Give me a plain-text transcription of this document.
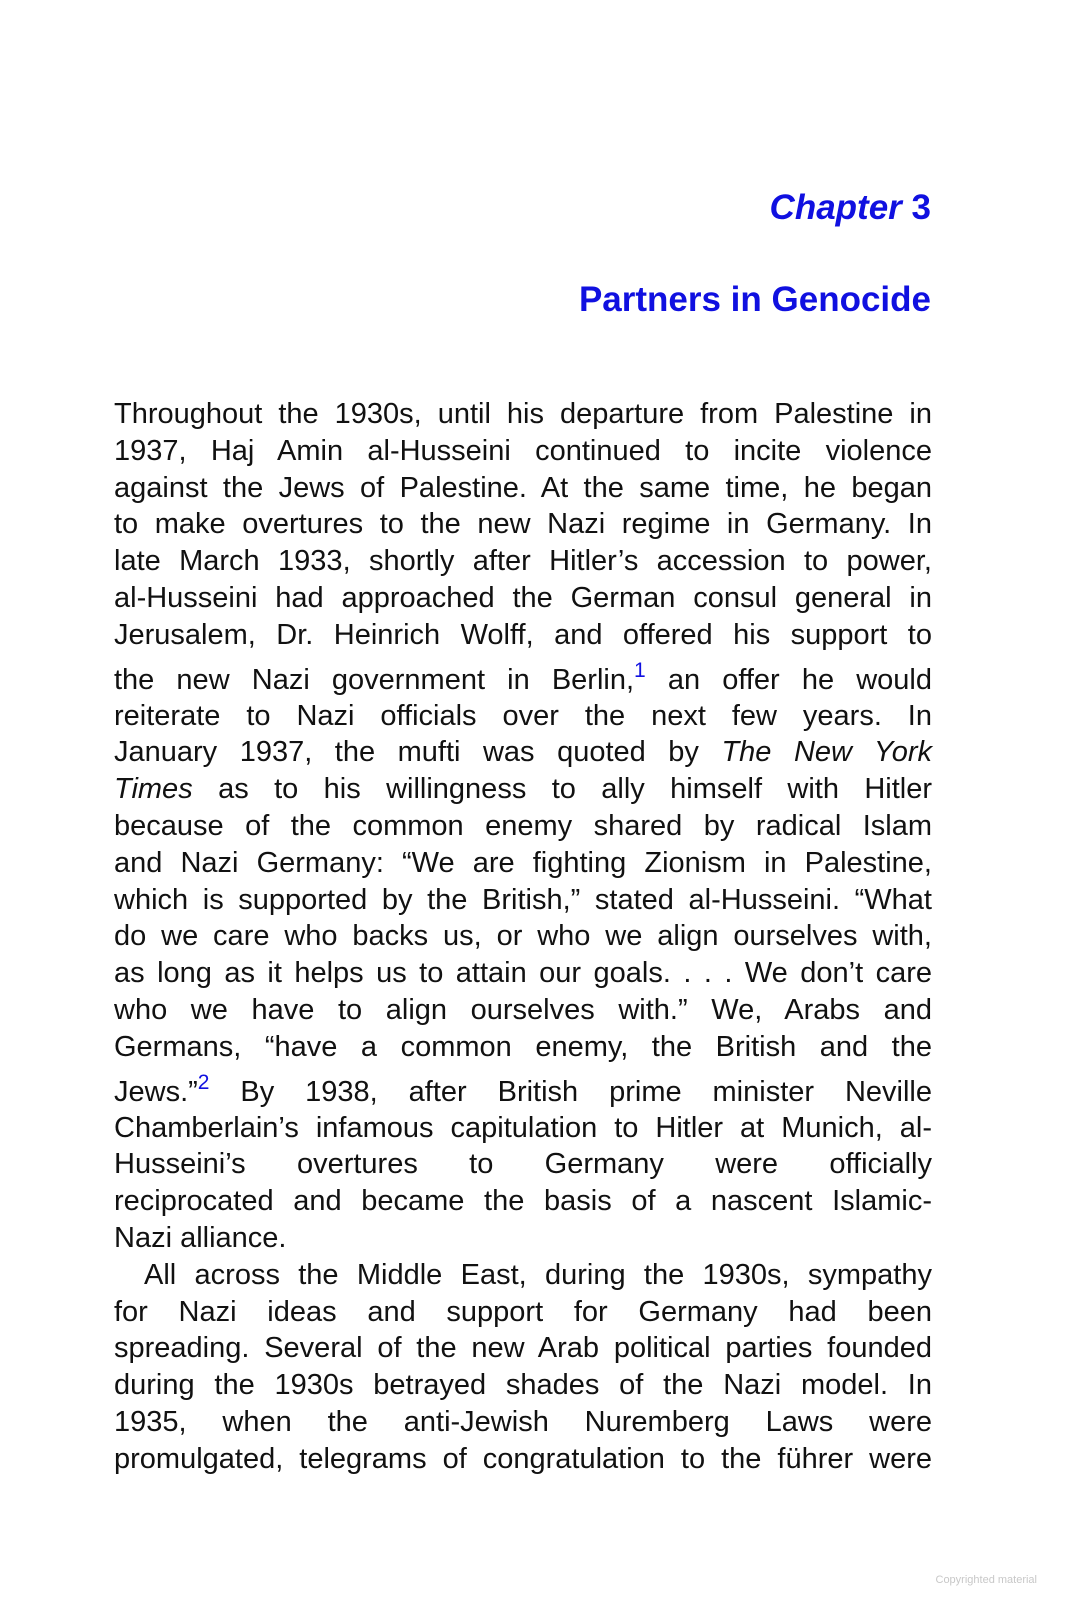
Chapter 3
Partners in Genocide
Throughout the 1930s, until his departure from Palestine in
1937, Haj Amin al-Husseini continued to incite violence
against the Jews of Palestine. At the same time, he began
to make overtures to the new Nazi regime in Germany. In
late March 1933, shortly after Hitler’s accession to power,
al-Husseini had approached the German consul general in
Jerusalem, Dr. Heinrich Wolff, and offered his support to
the new Nazi government in Berlin,$^1$ an offer he would
reiterate to Nazi officials over the next few years. In
January 1937, the mufti was quoted by The New York
Times as to his willingness to ally himself with Hitler
because of the common enemy shared by radical Islam
and Nazi Germany: “We are fighting Zionism in Palestine,
which is supported by the British,” stated al-Husseini. “What
do we care who backs us, or who we align ourselves with,
as long as it helps us to attain our goals. . . . We don’t care
who we have to align ourselves with.” We, Arabs and
Germans, “have a common enemy, the British and the
Jews.”$^2$ By 1938, after British prime minister Neville
Chamberlain’s infamous capitulation to Hitler at Munich, al-
Husseini’s overtures to Germany were officially
reciprocated and became the basis of a nascent Islamic-
Nazi alliance.
All across the Middle East, during the 1930s, sympathy
for Nazi ideas and support for Germany had been
spreading. Several of the new Arab political parties founded
during the 1930s betrayed shades of the Nazi model. In
1935, when the anti-Jewish Nuremberg Laws were
promulgated, telegrams of congratulation to the führer were
Copyrighted material
